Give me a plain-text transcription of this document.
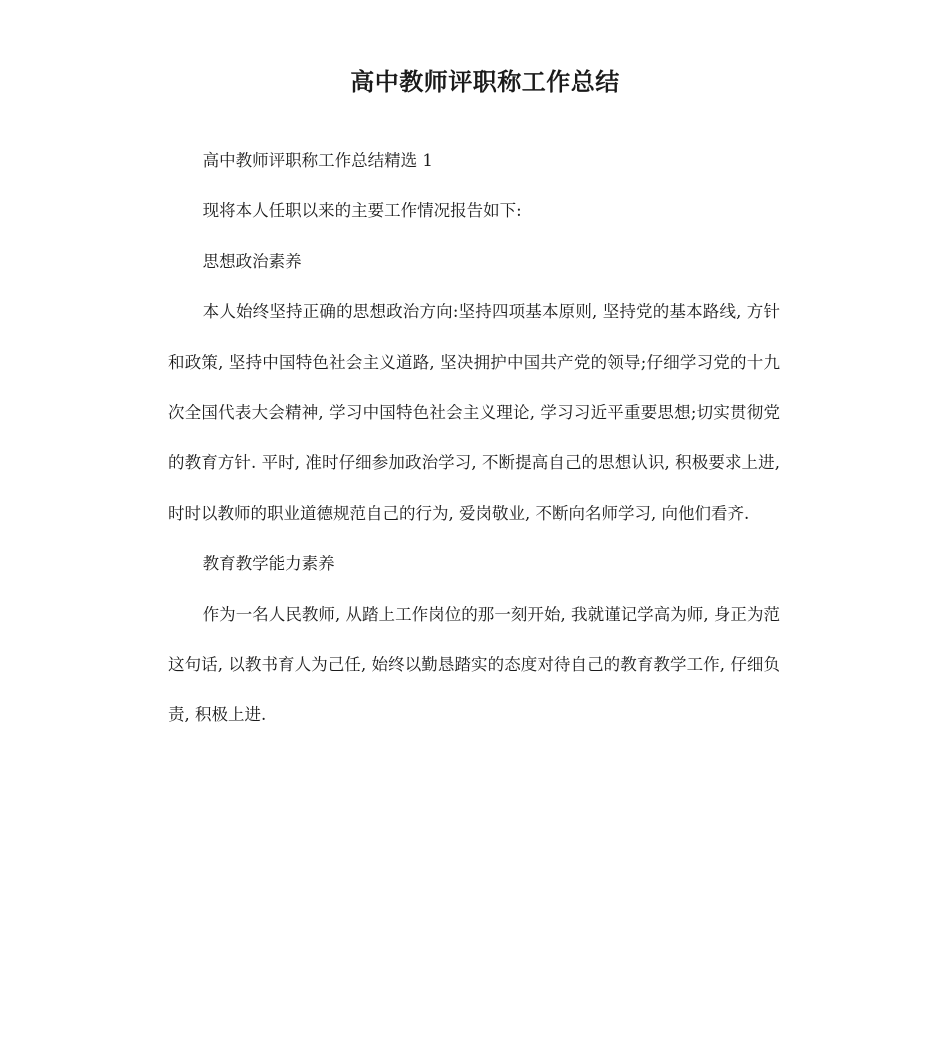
高中教师评职称工作总结

高中教师评职称工作总结精选 1

现将本人任职以来的主要工作情况报告如下:

思想政治素养

本人始终坚持正确的思想政治方向:坚持四项基本原则, 坚持党的基本路线, 方针和政策, 坚持中国特色社会主义道路, 坚决拥护中国共产党的领导;仔细学习党的十九次全国代表大会精神, 学习中国特色社会主义理论, 学习习近平重要思想;切实贯彻党的教育方针. 平时, 准时仔细参加政治学习, 不断提高自己的思想认识, 积极要求上进, 时时以教师的职业道德规范自己的行为, 爱岗敬业, 不断向名师学习, 向他们看齐.

教育教学能力素养

作为一名人民教师, 从踏上工作岗位的那一刻开始, 我就谨记学高为师, 身正为范这句话, 以教书育人为己任, 始终以勤恳踏实的态度对待自己的教育教学工作, 仔细负责, 积极上进.
